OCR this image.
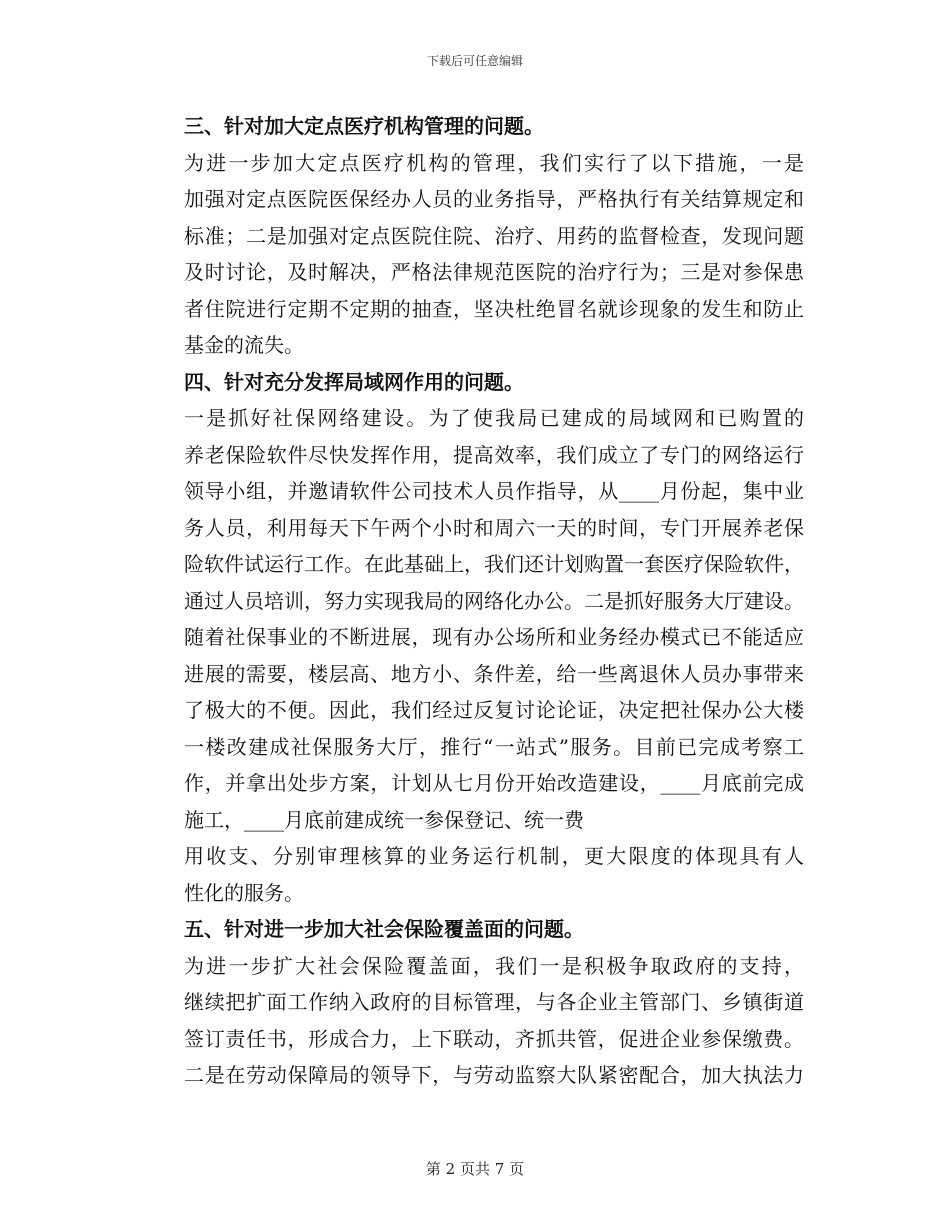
下载后可任意编辑
三、针对加大定点医疗机构管理的问题。
为进一步加大定点医疗机构的管理，我们实行了以下措施，一是
加强对定点医院医保经办人员的业务指导，严格执行有关结算规定和
标准；二是加强对定点医院住院、治疗、用药的监督检查，发现问题
及时讨论，及时解决，严格法律规范医院的治疗行为；三是对参保患
者住院进行定期不定期的抽查，坚决杜绝冒名就诊现象的发生和防止
基金的流失。
四、针对充分发挥局域网作用的问题。
一是抓好社保网络建设。为了使我局已建成的局域网和已购置的
养老保险软件尽快发挥作用，提高效率，我们成立了专门的网络运行
领导小组，并邀请软件公司技术人员作指导，从____月份起，集中业
务人员，利用每天下午两个小时和周六一天的时间，专门开展养老保
险软件试运行工作。在此基础上，我们还计划购置一套医疗保险软件，
通过人员培训，努力实现我局的网络化办公。二是抓好服务大厅建设。
随着社保事业的不断进展，现有办公场所和业务经办模式已不能适应
进展的需要，楼层高、地方小、条件差，给一些离退休人员办事带来
了极大的不便。因此，我们经过反复讨论论证，决定把社保办公大楼
一楼改建成社保服务大厅，推行“一站式”服务。目前已完成考察工
作，并拿出处步方案，计划从七月份开始改造建设，____月底前完成
施工，____月底前建成统一参保登记、统一费
用收支、分别审理核算的业务运行机制，更大限度的体现具有人
性化的服务。
五、针对进一步加大社会保险覆盖面的问题。
为进一步扩大社会保险覆盖面，我们一是积极争取政府的支持，
继续把扩面工作纳入政府的目标管理，与各企业主管部门、乡镇街道
签订责任书，形成合力，上下联动，齐抓共管，促进企业参保缴费。
二是在劳动保障局的领导下，与劳动监察大队紧密配合，加大执法力
第 2 页共 7 页
